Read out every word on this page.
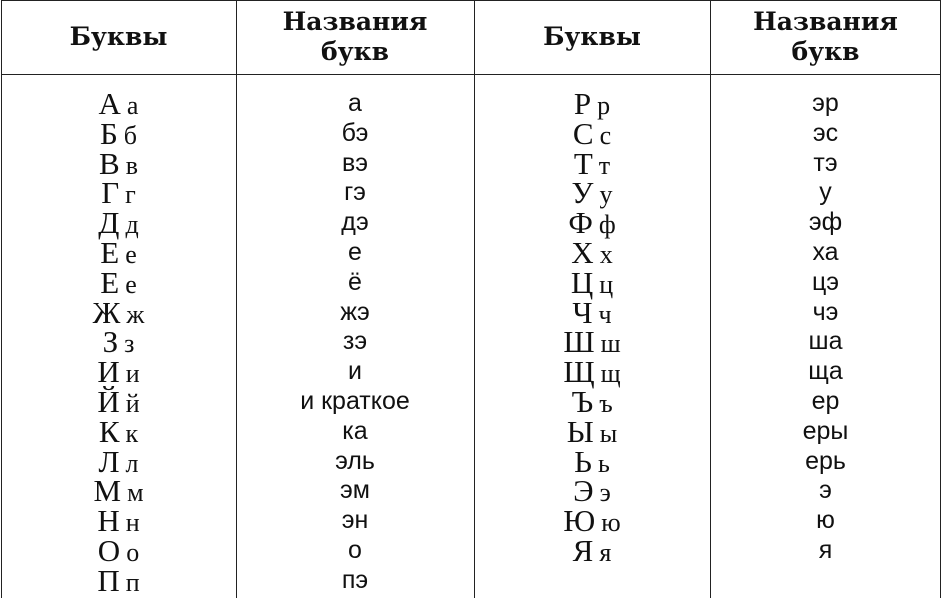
Буквы
А а
Б б
В в
Г г
Д д
Е е
Е е
Ж ж
З з
И и
Й й
К к
Л л
М м
Н н
О о
П п
Названия
букв
а
бэ
вэ
гэ
дэ
е
ё
жэ
зэ
и
и краткое
ка
эль
эм
эн
о
пэ
Буквы
Р р
С с
Т т
У у
Ф ф
Х х
Ц ц
Ч ч
Ш ш
Щ щ
Ъ ъ
Ы ы
Ь ь
Э э
Ю ю
Я я
Названия
букв
эр
эс
тэ
у
эф
ха
цэ
чэ
ша
ща
ер
еры
ерь
э
ю
я
